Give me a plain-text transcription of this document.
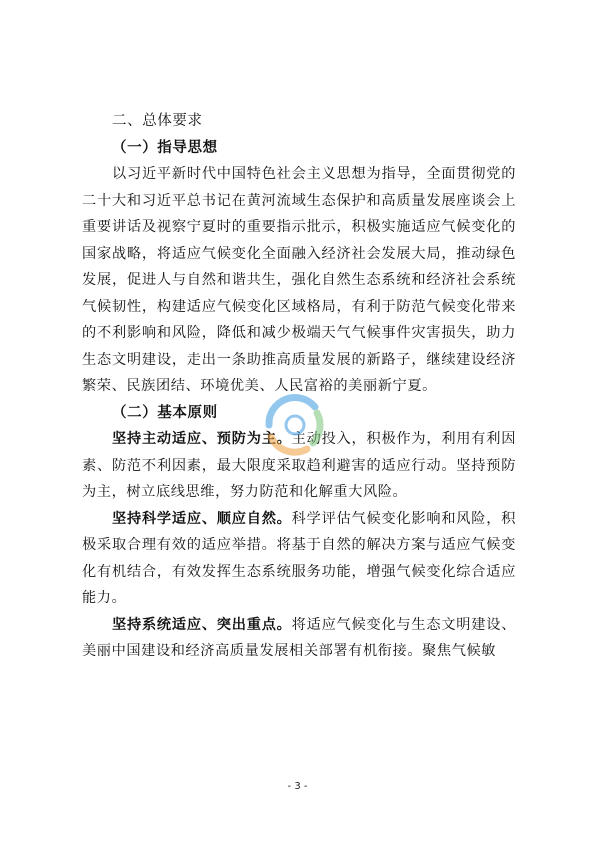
二、总体要求

（一）指导思想

以习近平新时代中国特色社会主义思想为指导，全面贯彻党的二十大和习近平总书记在黄河流域生态保护和高质量发展座谈会上重要讲话及视察宁夏时的重要指示批示，积极实施适应气候变化的国家战略，将适应气候变化全面融入经济社会发展大局，推动绿色发展，促进人与自然和谐共生，强化自然生态系统和经济社会系统气候韧性，构建适应气候变化区域格局，有利于防范气候变化带来的不利影响和风险，降低和减少极端天气气候事件灾害损失，助力生态文明建设，走出一条助推高质量发展的新路子，继续建设经济繁荣、民族团结、环境优美、人民富裕的美丽新宁夏。

（二）基本原则

坚持主动适应、预防为主。主动投入，积极作为，利用有利因素、防范不利因素，最大限度采取趋利避害的适应行动。坚持预防为主，树立底线思维，努力防范和化解重大风险。

坚持科学适应、顺应自然。科学评估气候变化影响和风险，积极采取合理有效的适应举措。将基于自然的解决方案与适应气候变化有机结合，有效发挥生态系统服务功能，增强气候变化综合适应能力。

坚持系统适应、突出重点。将适应气候变化与生态文明建设、美丽中国建设和经济高质量发展相关部署有机衔接。聚焦气候敏

- 3 -
